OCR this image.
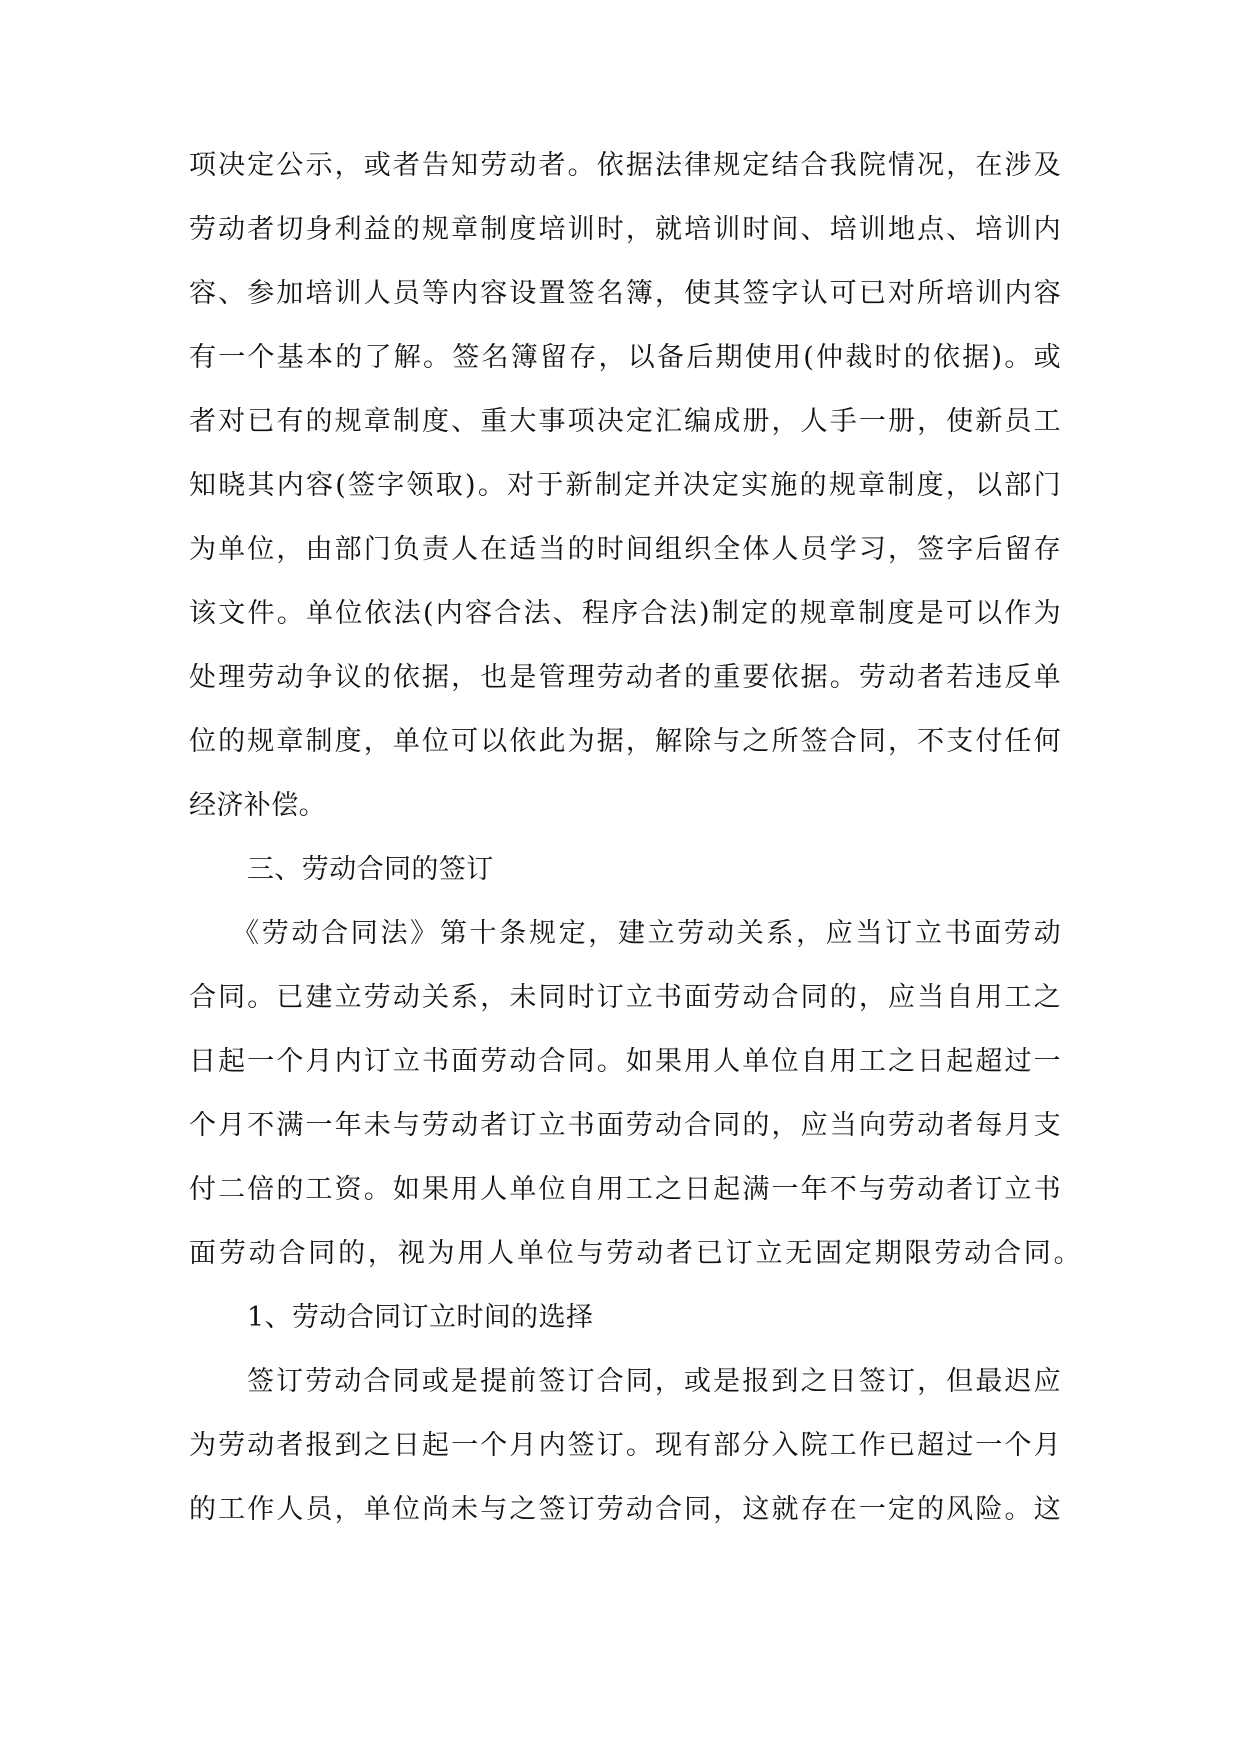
项决定公示，或者告知劳动者。依据法律规定结合我院情况，在涉及
劳动者切身利益的规章制度培训时，就培训时间、培训地点、培训内
容、参加培训人员等内容设置签名簿，使其签字认可已对所培训内容
有一个基本的了解。签名簿留存，以备后期使用(仲裁时的依据)。或
者对已有的规章制度、重大事项决定汇编成册，人手一册，使新员工
知晓其内容(签字领取)。对于新制定并决定实施的规章制度，以部门
为单位，由部门负责人在适当的时间组织全体人员学习，签字后留存
该文件。单位依法(内容合法、程序合法)制定的规章制度是可以作为
处理劳动争议的依据，也是管理劳动者的重要依据。劳动者若违反单
位的规章制度，单位可以依此为据，解除与之所签合同，不支付任何
经济补偿。
三、劳动合同的签订
《劳动合同法》第十条规定，建立劳动关系，应当订立书面劳动
合同。已建立劳动关系，未同时订立书面劳动合同的，应当自用工之
日起一个月内订立书面劳动合同。如果用人单位自用工之日起超过一
个月不满一年未与劳动者订立书面劳动合同的，应当向劳动者每月支
付二倍的工资。如果用人单位自用工之日起满一年不与劳动者订立书
面劳动合同的，视为用人单位与劳动者已订立无固定期限劳动合同。
1、劳动合同订立时间的选择
签订劳动合同或是提前签订合同，或是报到之日签订，但最迟应
为劳动者报到之日起一个月内签订。现有部分入院工作已超过一个月
的工作人员，单位尚未与之签订劳动合同，这就存在一定的风险。这
